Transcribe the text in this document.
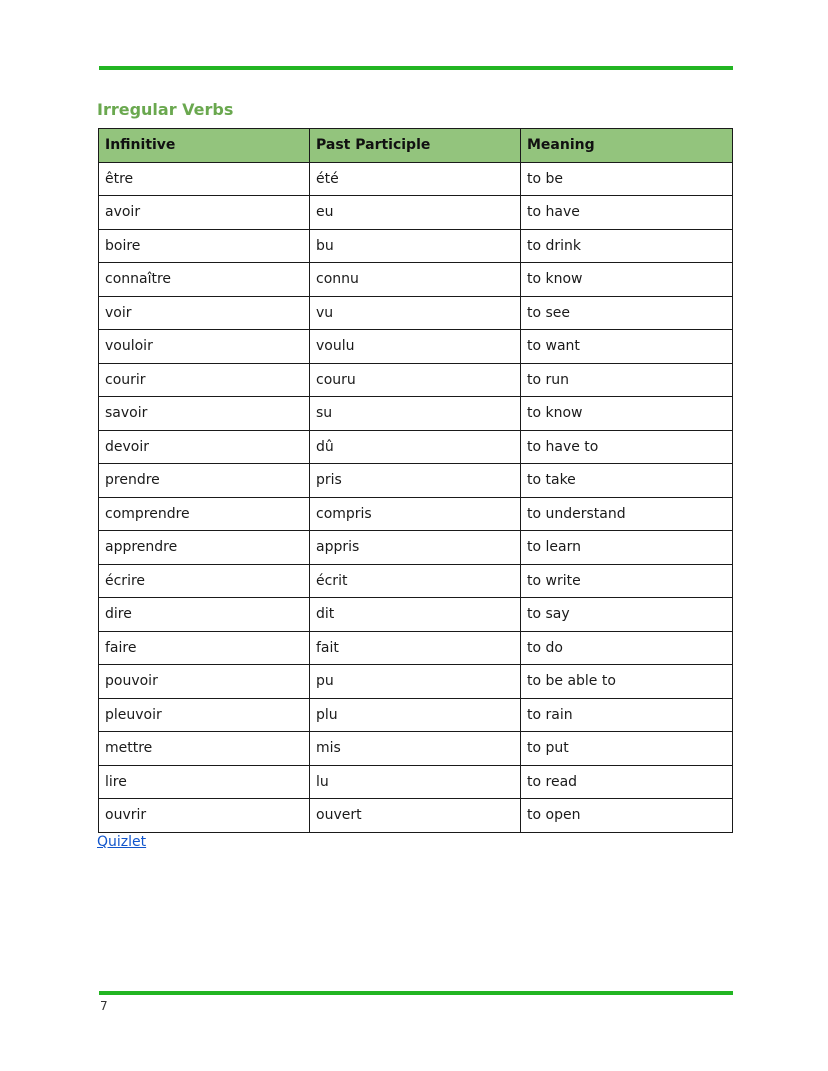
Irregular Verbs
Infinitive	Past Participle	Meaning
être	été	to be
avoir	eu	to have
boire	bu	to drink
connaître	connu	to know
voir	vu	to see
vouloir	voulu	to want
courir	couru	to run
savoir	su	to know
devoir	dû	to have to
prendre	pris	to take
comprendre	compris	to understand
apprendre	appris	to learn
écrire	écrit	to write
dire	dit	to say
faire	fait	to do
pouvoir	pu	to be able to
pleuvoir	plu	to rain
mettre	mis	to put
lire	lu	to read
ouvrir	ouvert	to open
Quizlet
7
